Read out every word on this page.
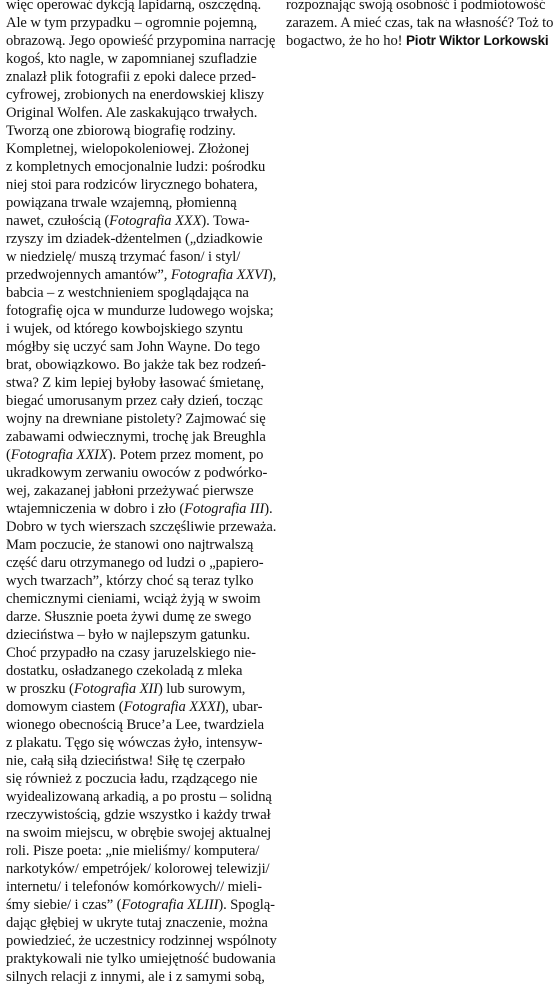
więc operować dykcją lapidarną, oszczędną.
Ale w tym przypadku – ogromnie pojemną,
obrazową. Jego opowieść przypomina narrację
kogoś, kto nagle, w zapomnianej szufladzie
znalazł plik fotografii z epoki dalece przed-
cyfrowej, zrobionych na enerdowskiej kliszy
Original Wolfen. Ale zaskakująco trwałych.
Tworzą one zbiorową biografię rodziny.
Kompletnej, wielopokoleniowej. Złożonej
z kompletnych emocjonalnie ludzi: pośrodku
niej stoi para rodziców lirycznego bohatera,
powiązana trwale wzajemną, płomienną
nawet, czułością (Fotografia XXX). Towa-
rzyszy im dziadek-dżentelmen („dziadkowie
w niedzielę/ muszą trzymać fason/ i styl/
przedwojennych amantów”, Fotografia XXVI),
babcia – z westchnieniem spoglądająca na
fotografię ojca w mundurze ludowego wojska;
i wujek, od którego kowbojskiego szyntu
mógłby się uczyć sam John Wayne. Do tego
brat, obowiązkowo. Bo jakże tak bez rodzeń-
stwa? Z kim lepiej byłoby łasować śmietanę,
biegać umorusanym przez cały dzień, tocząc
wojny na drewniane pistolety? Zajmować się
zabawami odwiecznymi, trochę jak Breughla
(Fotografia XXIX). Potem przez moment, po
ukradkowym zerwaniu owoców z podwórko-
wej, zakazanej jabłoni przeżywać pierwsze
wtajemniczenia w dobro i zło (Fotografia III).
Dobro w tych wierszach szczęśliwie przeważa.
Mam poczucie, że stanowi ono najtrwalszą
część daru otrzymanego od ludzi o „papiero-
wych twarzach”, którzy choć są teraz tylko
chemicznymi cieniami, wciąż żyją w swoim
darze. Słusznie poeta żywi dumę ze swego
dzieciństwa – było w najlepszym gatunku.
Choć przypadło na czasy jaruzelskiego nie-
dostatku, osładzanego czekoladą z mleka
w proszku (Fotografia XII) lub surowym,
domowym ciastem (Fotografia XXXI), ubar-
wionego obecnością Bruce’a Lee, twardziela
z plakatu. Tęgo się wówczas żyło, intensyw-
nie, całą siłą dzieciństwa! Siłę tę czerpało
się również z poczucia ładu, rządzącego nie
wyidealizowaną arkadią, a po prostu – solidną
rzeczywistością, gdzie wszystko i każdy trwał
na swoim miejscu, w obrębie swojej aktualnej
roli. Pisze poeta: „nie mieliśmy/ komputera/
narkotyków/ empetrójek/ kolorowej telewizji/
internetu/ i telefonów komórkowych// mieli-
śmy siebie/ i czas” (Fotografia XLIII). Spoglą-
dając głębiej w ukryte tutaj znaczenie, można
powiedzieć, że uczestnicy rodzinnej wspólnoty
praktykowali nie tylko umiejętność budowania
silnych relacji z innymi, ale i z samymi sobą,
rozpoznając swoją osobność i podmiotowość
zarazem. A mieć czas, tak na własność? Toż to
bogactwo, że ho ho! Piotr Wiktor Lorkowski
